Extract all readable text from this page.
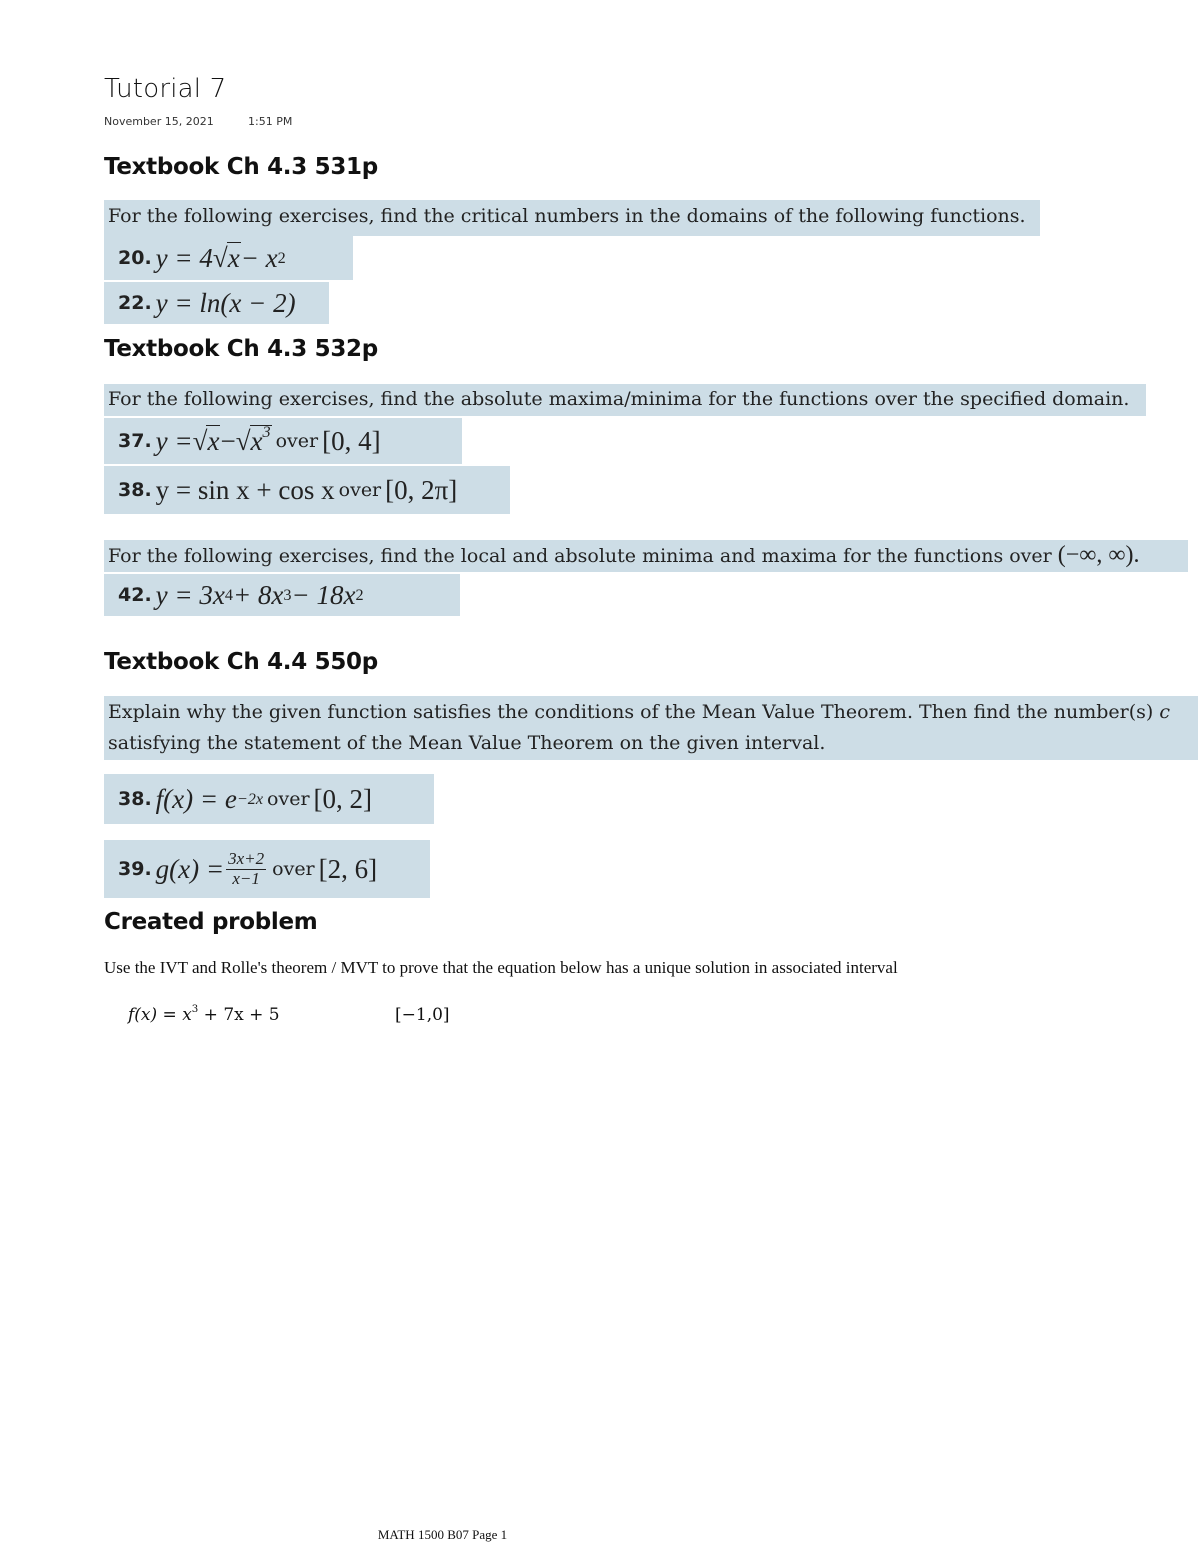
Tutorial 7
November 15, 2021	1:51 PM
Textbook Ch 4.3 531p
For the following exercises, find the critical numbers in the domains of the following functions.
20. y = 4 √ x − x 2
22. y = ln(x − 2)
Textbook Ch 4.3 532p
For the following exercises, find the absolute maxima/minima for the functions over the specified domain.
37. y = √ x − √ $x^3$ over [0, 4]
38. y = sin x + cos x over [0, 2π]
For the following exercises, find the local and absolute minima and maxima for the functions over (−∞, ∞).
42. y = 3x 4 + 8x 3 − 18x 2
Textbook Ch 4.4 550p
Explain why the given function satisfies the conditions of the Mean Value Theorem. Then find the number(s) c
satisfying the statement of the Mean Value Theorem on the given interval.
38. f(x) = e −2x over [0, 2]
39. $g(x) = \frac{3x+2}{x-1}$ over [2, 6]
Created problem
Use the IVT and Rolle's theorem / MVT to prove that the equation below has a unique solution in associated interval
$f(x) = x^3 + 7x + 5$	[−1,0]
MATH 1500 B07 Page 1
